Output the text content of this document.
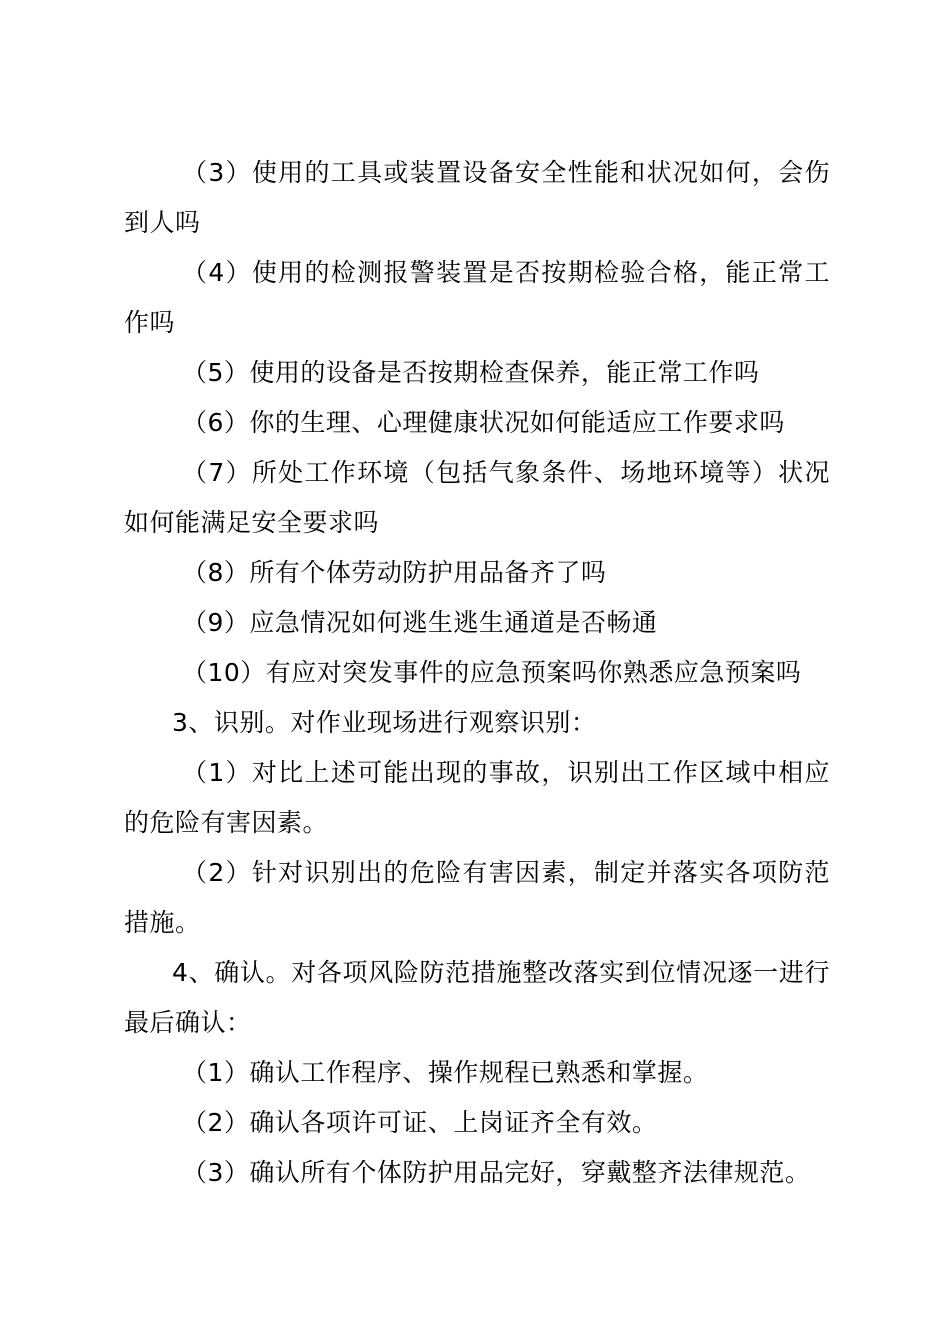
（3）使用的工具或装置设备安全性能和状况如何，会伤到人吗

（4）使用的检测报警装置是否按期检验合格，能正常工作吗

（5）使用的设备是否按期检查保养，能正常工作吗

（6）你的生理、心理健康状况如何能适应工作要求吗

（7）所处工作环境（包括气象条件、场地环境等）状况如何能满足安全要求吗

（8）所有个体劳动防护用品备齐了吗

（9）应急情况如何逃生逃生通道是否畅通

（10）有应对突发事件的应急预案吗你熟悉应急预案吗

3、识别。对作业现场进行观察识别：

（1）对比上述可能出现的事故，识别出工作区域中相应的危险有害因素。

（2）针对识别出的危险有害因素，制定并落实各项防范措施。

4、确认。对各项风险防范措施整改落实到位情况逐一进行最后确认：

（1）确认工作程序、操作规程已熟悉和掌握。

（2）确认各项许可证、上岗证齐全有效。

（3）确认所有个体防护用品完好，穿戴整齐法律规范。
